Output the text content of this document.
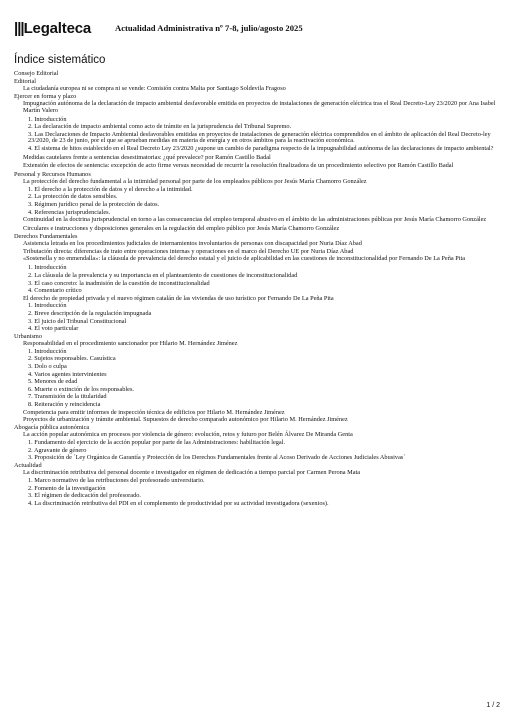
|||Legalteca	Actualidad Administrativa nº 7-8, julio/agosto 2025
Índice sistemático
Consejo Editorial
Editorial
La ciudadanía europea ni se compra ni se vende: Comisión contra Malta por Santiago Soldevila Fragoso
Ejercer en forma y plazo
Impugnación autónoma de la declaración de impacto ambiental desfavorable emitida en proyectos de instalaciones de generación eléctrica tras el Real Decreto-Ley 23/2020 por Ana Isabel Martín Valero
1. Introducción
2. La declaración de impacto ambiental como acto de trámite en la jurisprudencia del Tribunal Supremo.
3. Las Declaraciones de Impacto Ambiental desfavorables emitidas en proyectos de instalaciones de generación eléctrica comprendidos en el ámbito de aplicación del Real Decreto-ley 23/2020, de 23 de junio, por el que se aprueban medidas en materia de energía y en otros ámbitos para la reactivación económica.
4. El sistema de hitos establecido en el Real Decreto Ley 23/2020 ¿supone un cambio de paradigma respecto de la impugnabilidad autónoma de las declaraciones de impacto ambiental?
Medidas cautelares frente a sentencias desestimatorias: ¿qué prevalece? por Ramón Castillo Badal
Extensión de efectos de sentencia: excepción de acto firme versus necesidad de recurrir la resolución finalizadora de un procedimiento selectivo por Ramón Castillo Badal
Personal y Recursos Humanos
La protección del derecho fundamental a la intimidad personal por parte de los empleados públicos por Jesús María Chamorro González
1. El derecho a la protección de datos y el derecho a la intimidad.
2. La protección de datos sensibles.
3. Régimen jurídico penal de la protección de datos.
4. Referencias jurisprudenciales.
Continuidad en la doctrina jurisprudencial en torno a las consecuencias del empleo temporal abusivo en el ámbito de las administraciones públicas por Jesús María Chamorro González
Circulares e instrucciones y disposiciones generales en la regulación del empleo público por Jesús María Chamorro González
Derechos Fundamentales
Asistencia letrada en los procedimientos judiciales de internamientos involuntarios de personas con discapacidad por Nuria Díaz Abad
Tributación directa: diferencias de trato entre operaciones internas y operaciones en el marco del Derecho UE por Nuria Díaz Abad
«Sostenella y no enmendalla»: la cláusula de prevalencia del derecho estatal y el juicio de aplicabilidad en las cuestiones de inconstitucionalidad por Fernando De La Peña Pita
1. Introducción
2. La cláusula de la prevalencia y su importancia en el planteamiento de cuestiones de inconstitucionalidad
3. El caso concreto: la inadmisión de la cuestión de inconstitucionalidad
4. Comentario crítico
El derecho de propiedad privada y el nuevo régimen catalán de las viviendas de uso turístico por Fernando De La Peña Pita
1. Introducción
2. Breve descripción de la regulación impugnada
3. El juicio del Tribunal Constitucional
4. El voto particular
Urbanismo
Responsabilidad en el procedimiento sancionador por Hilario M. Hernández Jiménez
1. Introducción
2. Sujetos responsables. Casuística
3. Dolo o culpa
4. Varios agentes intervinientes
5. Menores de edad
6. Muerte o extinción de los responsables.
7. Transmisión de la titularidad
8. Reiteración y reincidencia
Competencia para emitir informes de inspección técnica de edificios por Hilario M. Hernández Jiménez
Proyectos de urbanización y trámite ambiental. Supuestos de derecho comparado autonómico por Hilario M. Hernández Jiménez
Abogacía pública autonómica
La acción popular autonómica en procesos por violencia de género: evolución, retos y futuro por Belén Álvarez De Miranda Genta
1. Fundamento del ejercicio de la acción popular por parte de las Administraciones: habilitación legal.
2. Agravante de género
3. Proposición de ´Ley Orgánica de Garantía y Protección de los Derechos Fundamentales frente al Acoso Derivado de Acciones Judiciales Abusivas´
Actualidad
La discriminación retributiva del personal docente e investigador en régimen de dedicación a tiempo parcial por Carmen Perona Mata
1. Marco normativo de las retribuciones del profesorado universitario.
2. Fomento de la investigación
3. El régimen de dedicación del profesorado.
4. La discriminación retributiva del PDI en el complemento de productividad por su actividad investigadora (sexenios).
1 / 2
